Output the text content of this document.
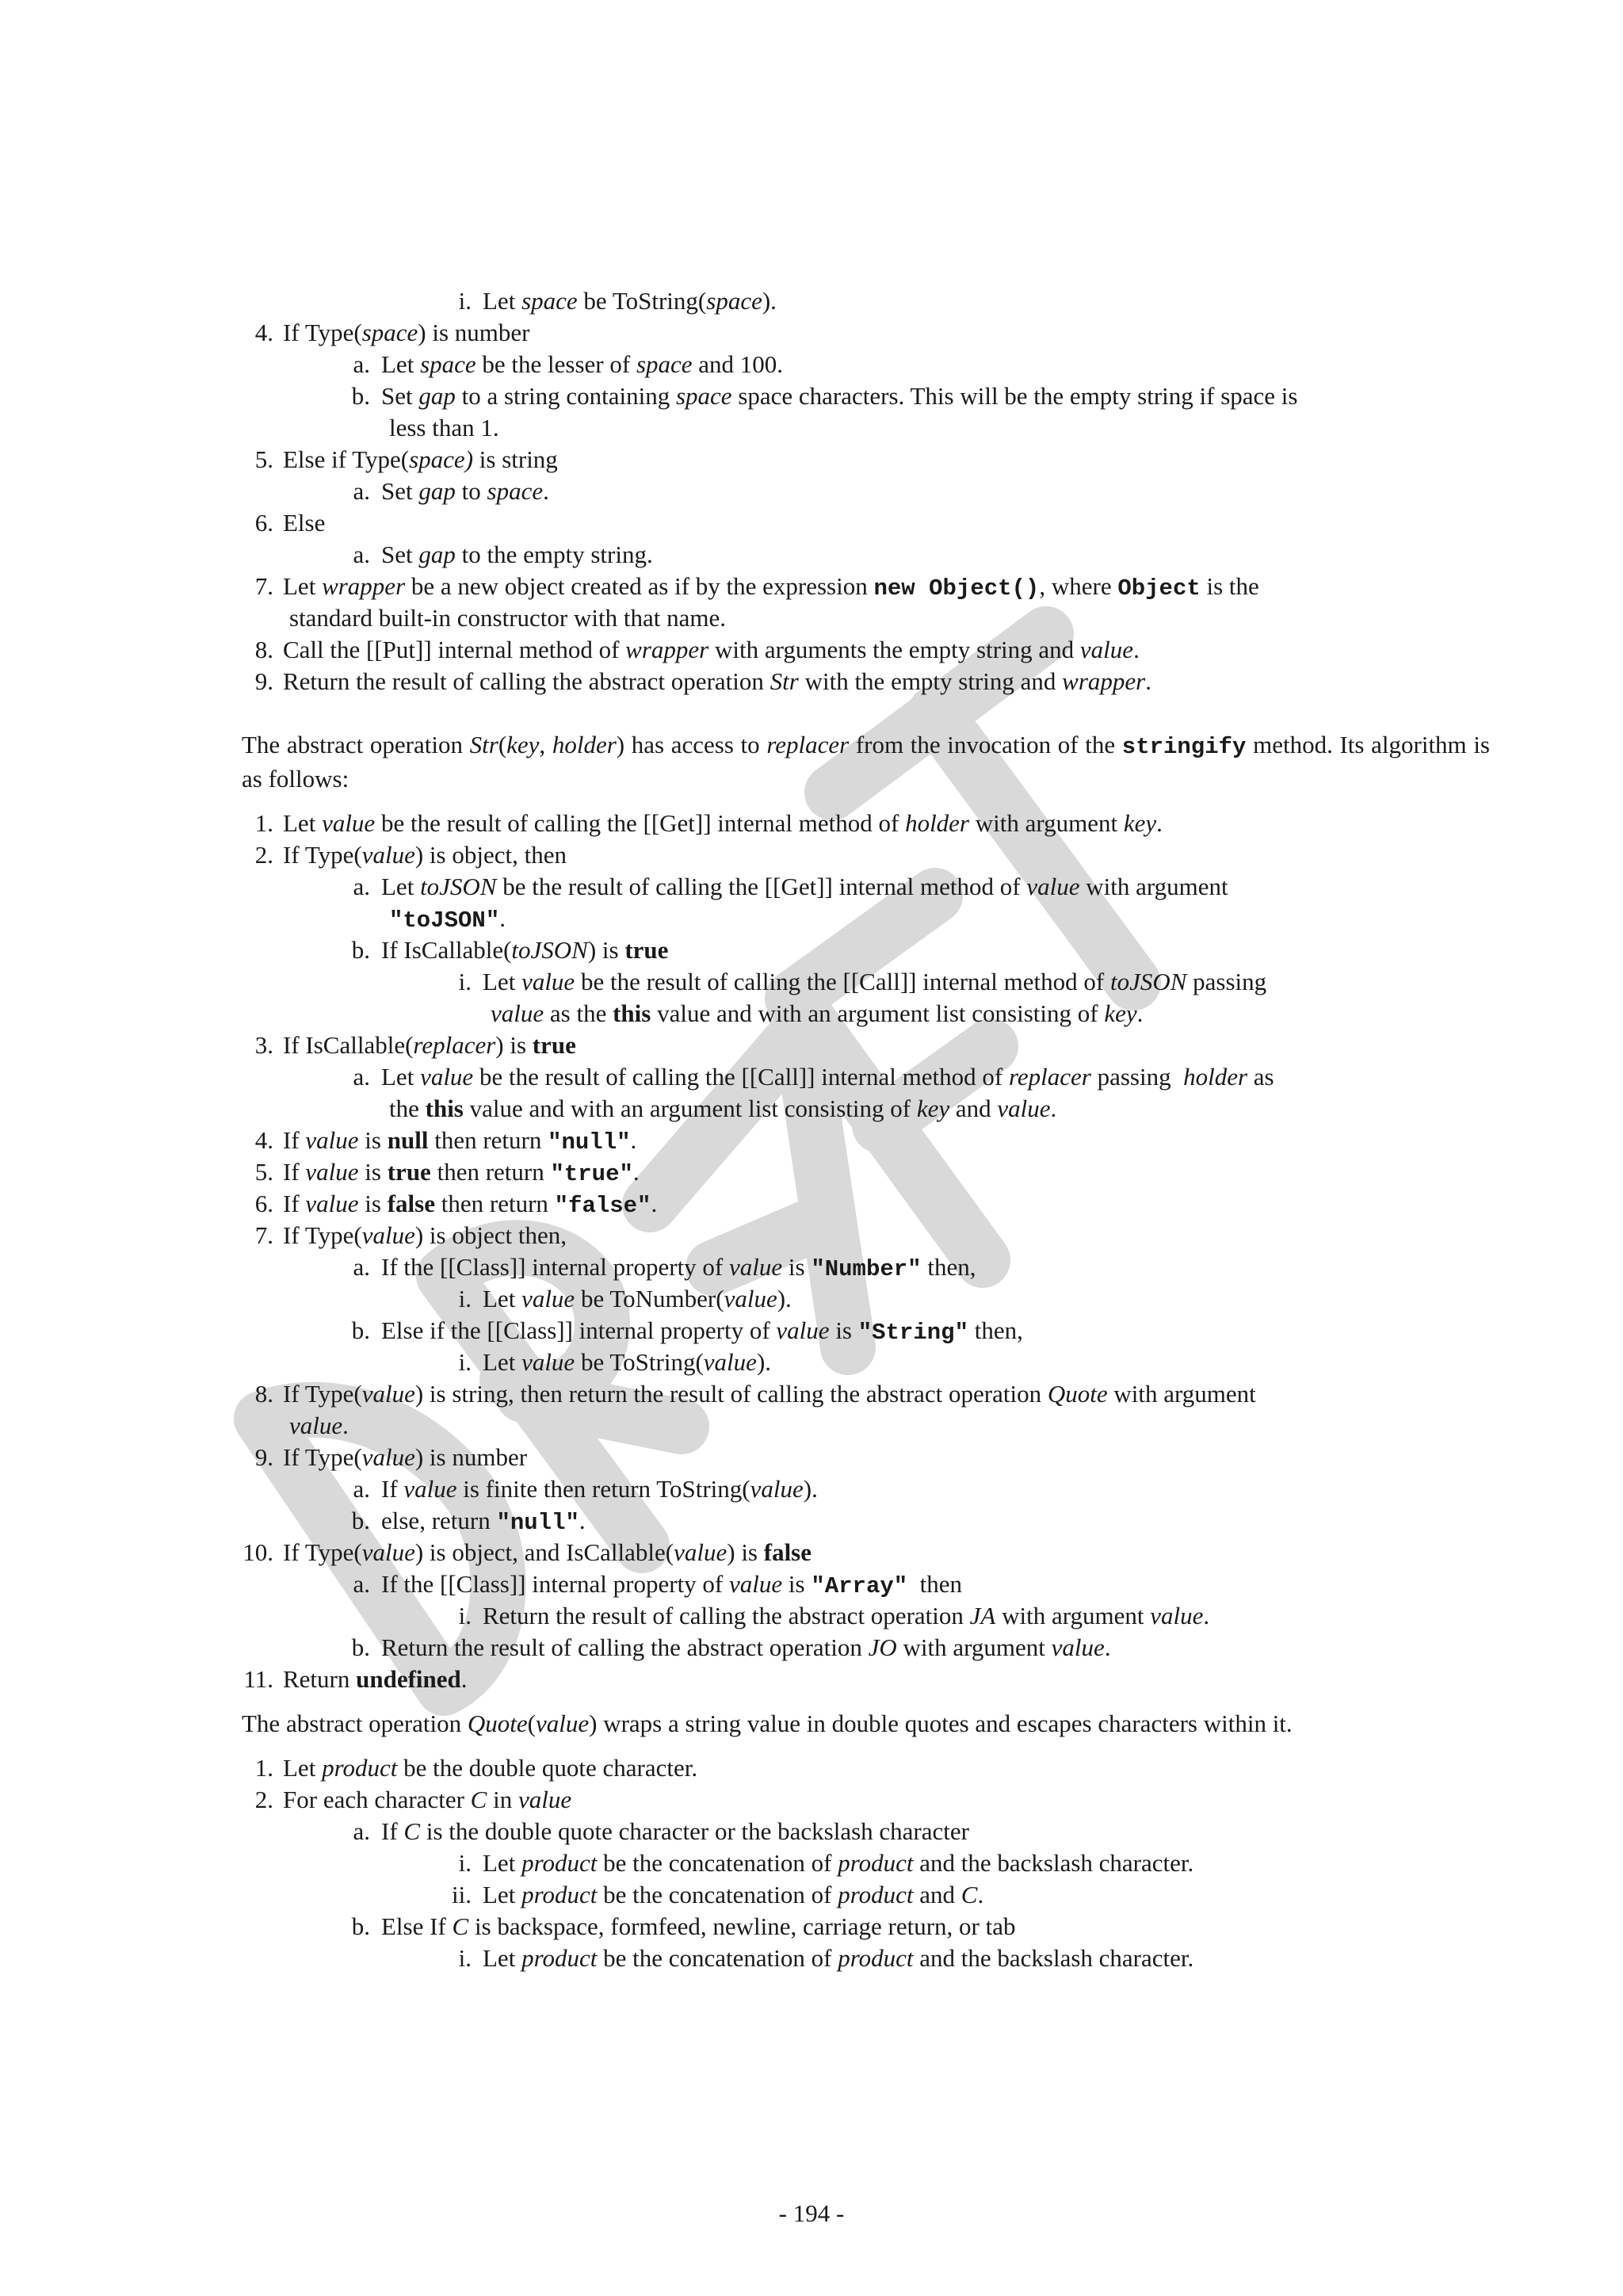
i. Let space be ToString(space).
4. If Type(space) is number
a. Let space be the lesser of space and 100.
b. Set gap to a string containing space space characters. This will be the empty string if space is
less than 1.
5. Else if Type(space) is string
a. Set gap to space.
6. Else
a. Set gap to the empty string.
7. Let wrapper be a new object created as if by the expression new Object(), where Object is the
standard built-in constructor with that name.
8. Call the [[Put]] internal method of wrapper with arguments the empty string and value.
9. Return the result of calling the abstract operation Str with the empty string and wrapper.
The abstract operation Str(key, holder) has access to replacer from the invocation of the stringify method. Its algorithm is as follows:
1. Let value be the result of calling the [[Get]] internal method of holder with argument key.
2. If Type(value) is object, then
a. Let toJSON be the result of calling the [[Get]] internal method of value with argument
"toJSON".
b. If IsCallable(toJSON) is true
i. Let value be the result of calling the [[Call]] internal method of toJSON passing
value as the this value and with an argument list consisting of key.
3. If IsCallable(replacer) is true
a. Let value be the result of calling the [[Call]] internal method of replacer passing  holder as
the this value and with an argument list consisting of key and value.
4. If value is null then return "null".
5. If value is true then return "true".
6. If value is false then return "false".
7. If Type(value) is object then,
a. If the [[Class]] internal property of value is "Number" then,
i. Let value be ToNumber(value).
b. Else if the [[Class]] internal property of value is "String" then,
i. Let value be ToString(value).
8. If Type(value) is string, then return the result of calling the abstract operation Quote with argument
value.
9. If Type(value) is number
a. If value is finite then return ToString(value).
b. else, return "null".
10. If Type(value) is object, and IsCallable(value) is false
a. If the [[Class]] internal property of value is "Array"  then
i. Return the result of calling the abstract operation JA with argument value.
b. Return the result of calling the abstract operation JO with argument value.
11. Return undefined.
The abstract operation Quote(value) wraps a string value in double quotes and escapes characters within it.
1. Let product be the double quote character.
2. For each character C in value
a. If C is the double quote character or the backslash character
i. Let product be the concatenation of product and the backslash character.
ii. Let product be the concatenation of product and C.
b. Else If C is backspace, formfeed, newline, carriage return, or tab
i. Let product be the concatenation of product and the backslash character.
- 194 -
